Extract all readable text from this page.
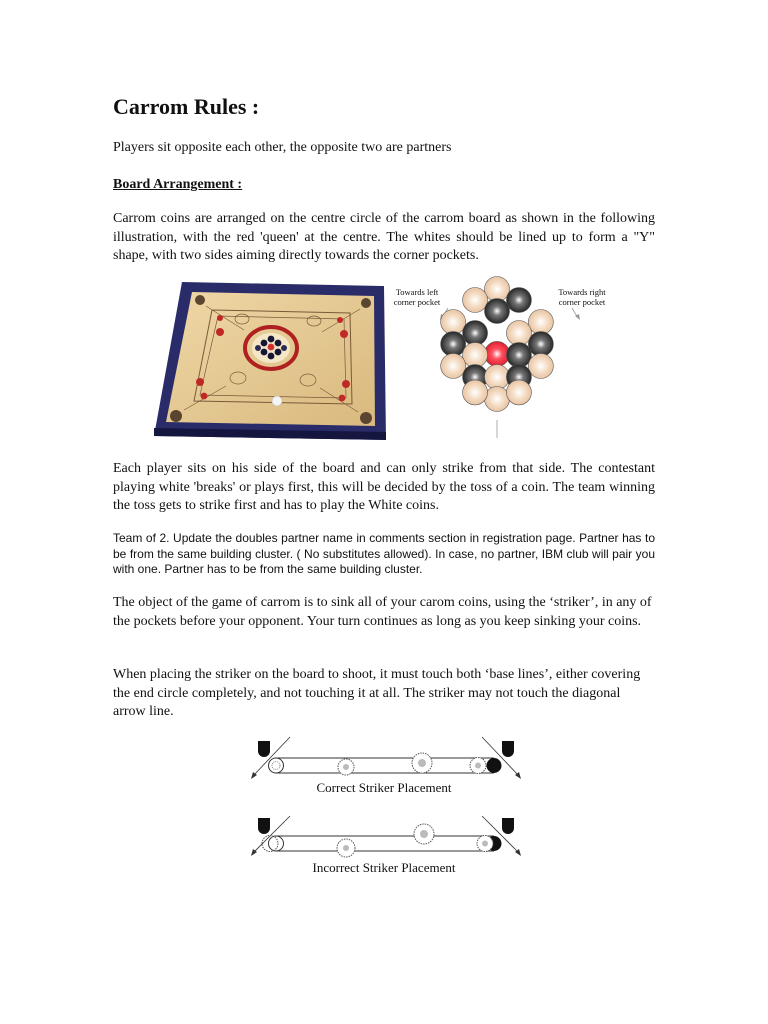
Carrom Rules :

Players sit opposite each other, the opposite two are partners

Board Arrangement :

Carrom coins are arranged on the centre circle of the carrom board as shown in the following illustration, with the red 'queen' at the centre. The whites should be lined up to form a "Y" shape, with two sides aiming directly towards the corner pockets.

Towards left corner pocket
Towards right corner pocket

Each player sits on his side of the board and can only strike from that side. The contestant playing white 'breaks' or plays first, this will be decided by the toss of a coin. The team winning the toss gets to strike first and has to play the White coins.

Team of 2. Update the doubles partner name in comments section in registration page. Partner has to be from the same building cluster. ( No substitutes allowed). In case, no partner, IBM club will pair you with one. Partner has to be from the same building cluster.

The object of the game of carrom is to sink all of your carom coins, using the ‘striker’, in any of the pockets before your opponent. Your turn continues as long as you keep sinking your coins.

When placing the striker on the board to shoot, it must touch both ‘base lines’, either covering the end circle completely, and not touching it at all. The striker may not touch the diagonal arrow line.

Correct Striker Placement
Incorrect Striker Placement
